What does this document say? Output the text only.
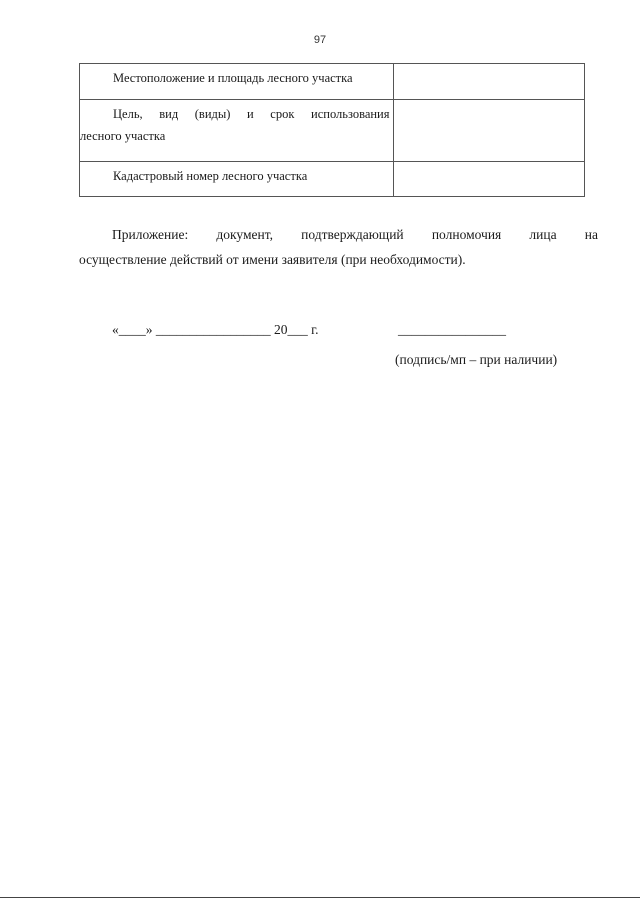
97
Местоположение и площадь лесного участка	

Цель, вид (виды) и срок использования
лесного участка	

Кадастровый номер лесного участка	

Приложение: документ, подтверждающий полномочия лица на
осуществление действий от имени заявителя (при необходимости).
«____» _________________ 20___ г.	________________
(подпись/мп – при наличии)
